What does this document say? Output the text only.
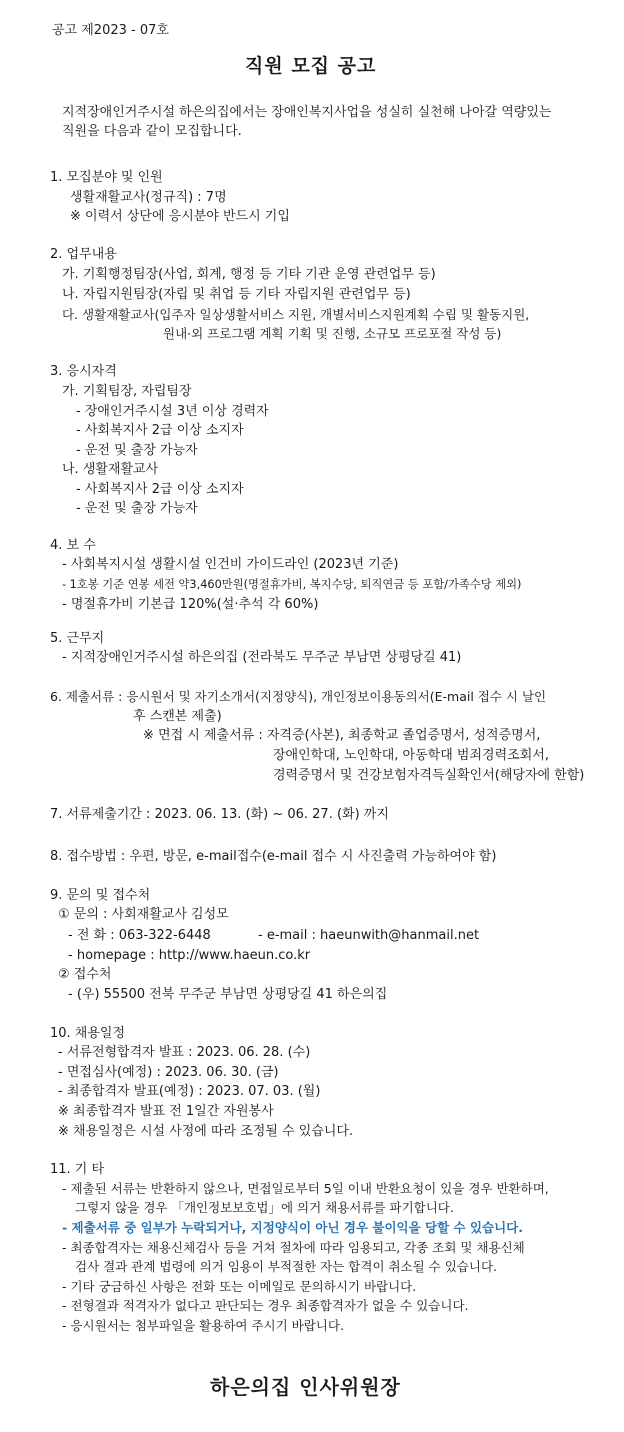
공고 제2023 - 07호
직원 모집 공고
지적장애인거주시설 하은의집에서는 장애인복지사업을 성실히 실천해 나아갈 역량있는
직원을 다음과 같이 모집합니다.
1. 모집분야 및 인원
생활재활교사(정규직) : 7명
※ 이력서 상단에 응시분야 반드시 기입
2. 업무내용
가. 기획행정팀장(사업, 회계, 행정 등 기타 기관 운영 관련업무 등)
나. 자립지원팀장(자립 및 취업 등 기타 자립지원 관련업무 등)
다. 생활재활교사(입주자 일상생활서비스 지원, 개별서비스지원계획 수립 및 활동지원,
원내·외 프로그램 계획 기획 및 진행, 소규모 프로포절 작성 등)
3. 응시자격
가. 기획팀장, 자립팀장
- 장애인거주시설 3년 이상 경력자
- 사회복지사 2급 이상 소지자
- 운전 및 출장 가능자
나. 생활재활교사
- 사회복지사 2급 이상 소지자
- 운전 및 출장 가능자
4. 보 수
- 사회복지시설 생활시설 인건비 가이드라인 (2023년 기준)
- 1호봉 기준 연봉 세전 약3,460만원(명절휴가비, 복지수당, 퇴직연금 등 포함/가족수당 제외)
- 명절휴가비 기본급 120%(설·추석 각 60%)
5. 근무지
- 지적장애인거주시설 하은의집 (전라북도 무주군 부남면 상평당길 41)
6. 제출서류 : 응시원서 및 자기소개서(지정양식), 개인정보이용동의서(E-mail 접수 시 날인
후 스캔본 제출)
※ 면접 시 제출서류 : 자격증(사본), 최종학교 졸업증명서, 성적증명서,
장애인학대, 노인학대, 아동학대 범죄경력조회서,
경력증명서 및 건강보험자격득실확인서(해당자에 한함)
7. 서류제출기간 : 2023. 06. 13. (화) ~ 06. 27. (화) 까지
8. 접수방법 : 우편, 방문, e-mail접수(e-mail 접수 시 사진출력 가능하여야 함)
9. 문의 및 접수처
① 문의 : 사회재활교사 김성모
- 전 화 : 063-322-6448	- e-mail : haeunwith@hanmail.net
- homepage : http://www.haeun.co.kr
② 접수처
- (우) 55500 전북 무주군 부남면 상평당길 41 하은의집
10. 채용일정
- 서류전형합격자 발표 : 2023. 06. 28. (수)
- 면접심사(예정) : 2023. 06. 30. (금)
- 최종합격자 발표(예정) : 2023. 07. 03. (월)
※ 최종합격자 발표 전 1일간 자원봉사
※ 채용일정은 시설 사정에 따라 조정될 수 있습니다.
11. 기 타
- 제출된 서류는 반환하지 않으나, 면접일로부터 5일 이내 반환요청이 있을 경우 반환하며,
그렇지 않을 경우 「개인정보보호법」에 의거 채용서류를 파기합니다.
- 제출서류 중 일부가 누락되거나, 지정양식이 아닌 경우 불이익을 당할 수 있습니다.
- 최종합격자는 채용신체검사 등을 거쳐 절차에 따라 임용되고, 각종 조회 및 채용신체
검사 결과 관계 법령에 의거 임용이 부적절한 자는 합격이 취소될 수 있습니다.
- 기타 궁금하신 사항은 전화 또는 이메일로 문의하시기 바랍니다.
- 전형결과 적격자가 없다고 판단되는 경우 최종합격자가 없을 수 있습니다.
- 응시원서는 첨부파일을 활용하여 주시기 바랍니다.
하은의집 인사위원장
